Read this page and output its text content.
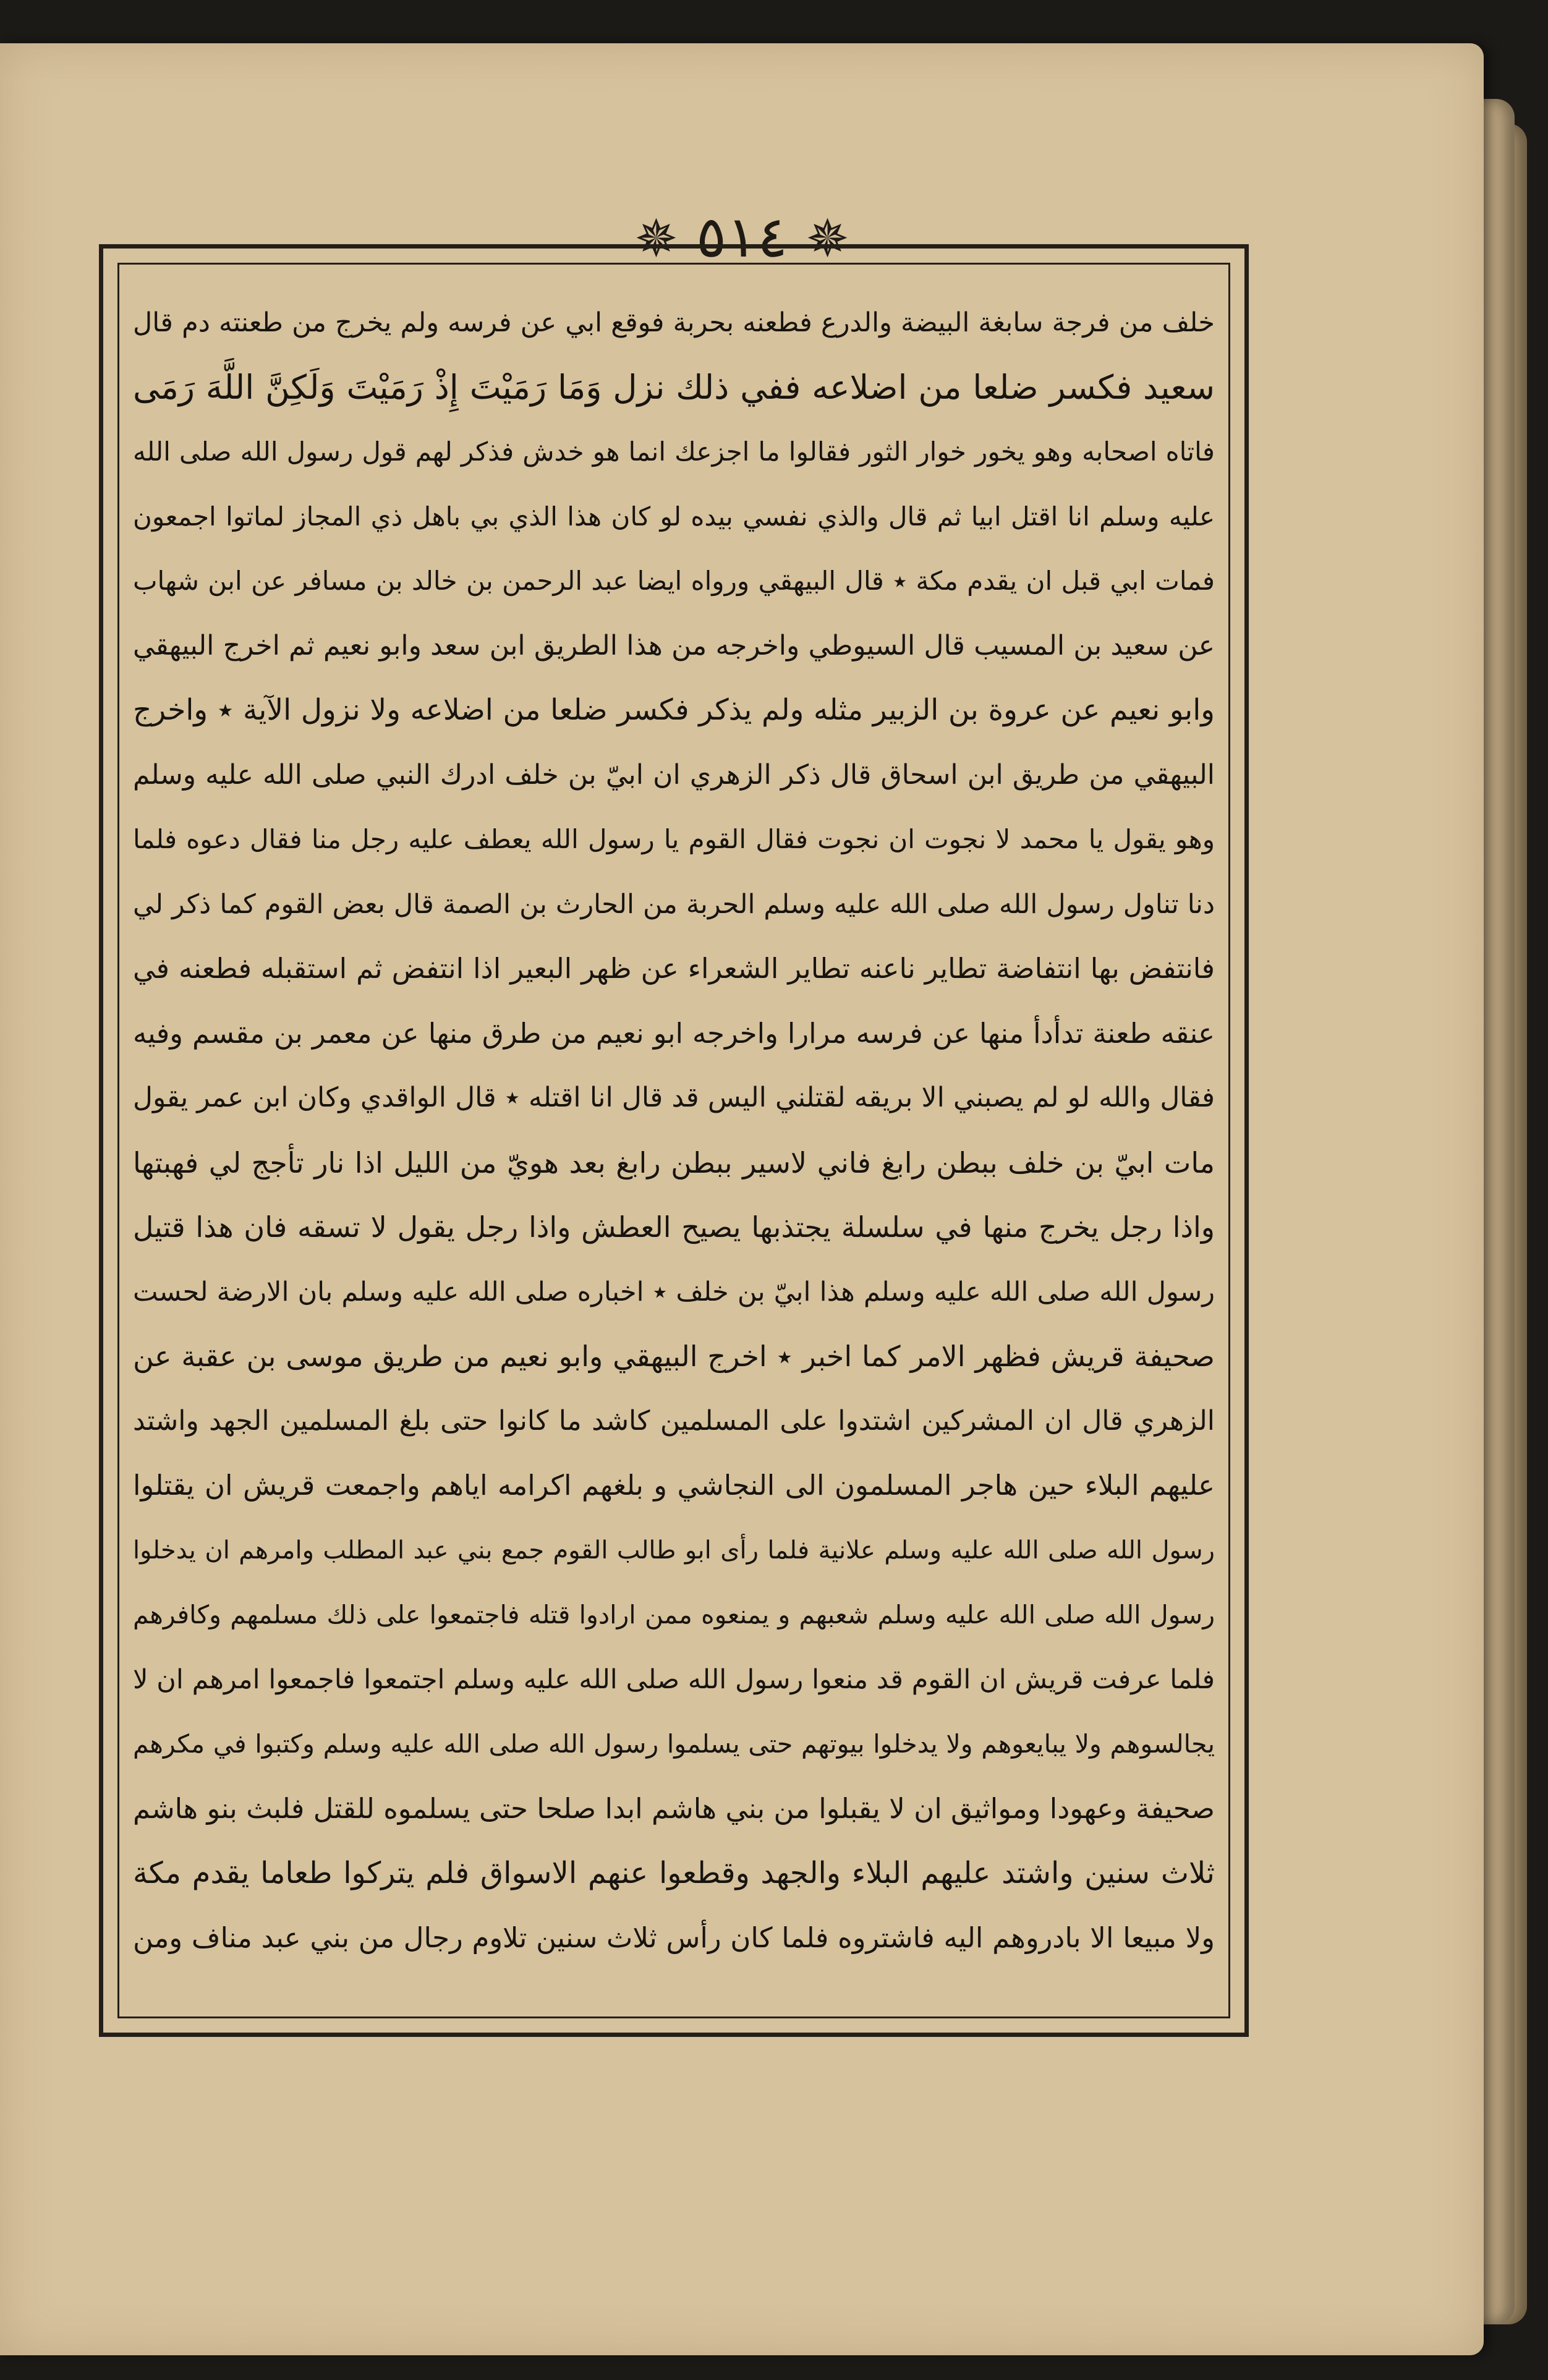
✵ ٥١٤ ✵
خلف من فرجة سابغة البيضة والدرع فطعنه بحربة فوقع ابي عن فرسه ولم يخرج من طعنته دم قال
سعيد فكسر ضلعا من اضلاعه ففي ذلك نزل وَمَا رَمَيْتَ إِذْ رَمَيْتَ وَلَكِنَّ اللَّهَ رَمَى
فاتاه اصحابه وهو يخور خوار الثور فقالوا ما اجزعك انما هو خدش فذكر لهم قول رسول الله صلى الله
عليه وسلم انا اقتل ابيا ثم قال والذي نفسي بيده لو كان هذا الذي بي باهل ذي المجاز لماتوا اجمعون
فمات ابي قبل ان يقدم مكة ٭ قال البيهقي ورواه ايضا عبد الرحمن بن خالد بن مسافر عن ابن شهاب
عن سعيد بن المسيب قال السيوطي واخرجه من هذا الطريق ابن سعد وابو نعيم ثم اخرج البيهقي
وابو نعيم عن عروة بن الزبير مثله ولم يذكر فكسر ضلعا من اضلاعه ولا نزول الآية ٭ واخرج
البيهقي من طريق ابن اسحاق قال ذكر الزهري ان ابيّ بن خلف ادرك النبي صلى الله عليه وسلم
وهو يقول يا محمد لا نجوت ان نجوت فقال القوم يا رسول الله يعطف عليه رجل منا فقال دعوه فلما
دنا تناول رسول الله صلى الله عليه وسلم الحربة من الحارث بن الصمة قال بعض القوم كما ذكر لي
فانتفض بها انتفاضة تطاير ناعنه تطاير الشعراء عن ظهر البعير اذا انتفض ثم استقبله فطعنه في
عنقه طعنة تدأدأ منها عن فرسه مرارا واخرجه ابو نعيم من طرق منها عن معمر بن مقسم وفيه
فقال والله لو لم يصبني الا بريقه لقتلني اليس قد قال انا اقتله ٭ قال الواقدي وكان ابن عمر يقول
مات ابيّ بن خلف ببطن رابغ فاني لاسير ببطن رابغ بعد هويّ من الليل اذا نار تأجج لي فهبتها
واذا رجل يخرج منها في سلسلة يجتذبها يصيح العطش واذا رجل يقول لا تسقه فان هذا قتيل
رسول الله صلى الله عليه وسلم هذا ابيّ بن خلف ٭ اخباره صلى الله عليه وسلم بان الارضة لحست
صحيفة قريش فظهر الامر كما اخبر ٭ اخرج البيهقي وابو نعيم من طريق موسى بن عقبة عن
الزهري قال ان المشركين اشتدوا على المسلمين كاشد ما كانوا حتى بلغ المسلمين الجهد واشتد
عليهم البلاء حين هاجر المسلمون الى النجاشي و بلغهم اكرامه اياهم واجمعت قريش ان يقتلوا
رسول الله صلى الله عليه وسلم علانية فلما رأى ابو طالب القوم جمع بني عبد المطلب وامرهم ان يدخلوا
رسول الله صلى الله عليه وسلم شعبهم و يمنعوه ممن ارادوا قتله فاجتمعوا على ذلك مسلمهم وكافرهم
فلما عرفت قريش ان القوم قد منعوا رسول الله صلى الله عليه وسلم اجتمعوا فاجمعوا امرهم ان لا
يجالسوهم ولا يبايعوهم ولا يدخلوا بيوتهم حتى يسلموا رسول الله صلى الله عليه وسلم وكتبوا في مكرهم
صحيفة وعهودا ومواثيق ان لا يقبلوا من بني هاشم ابدا صلحا حتى يسلموه للقتل فلبث بنو هاشم
ثلاث سنين واشتد عليهم البلاء والجهد وقطعوا عنهم الاسواق فلم يتركوا طعاما يقدم مكة
ولا مبيعا الا بادروهم اليه فاشتروه فلما كان رأس ثلاث سنين تلاوم رجال من بني عبد مناف ومن
